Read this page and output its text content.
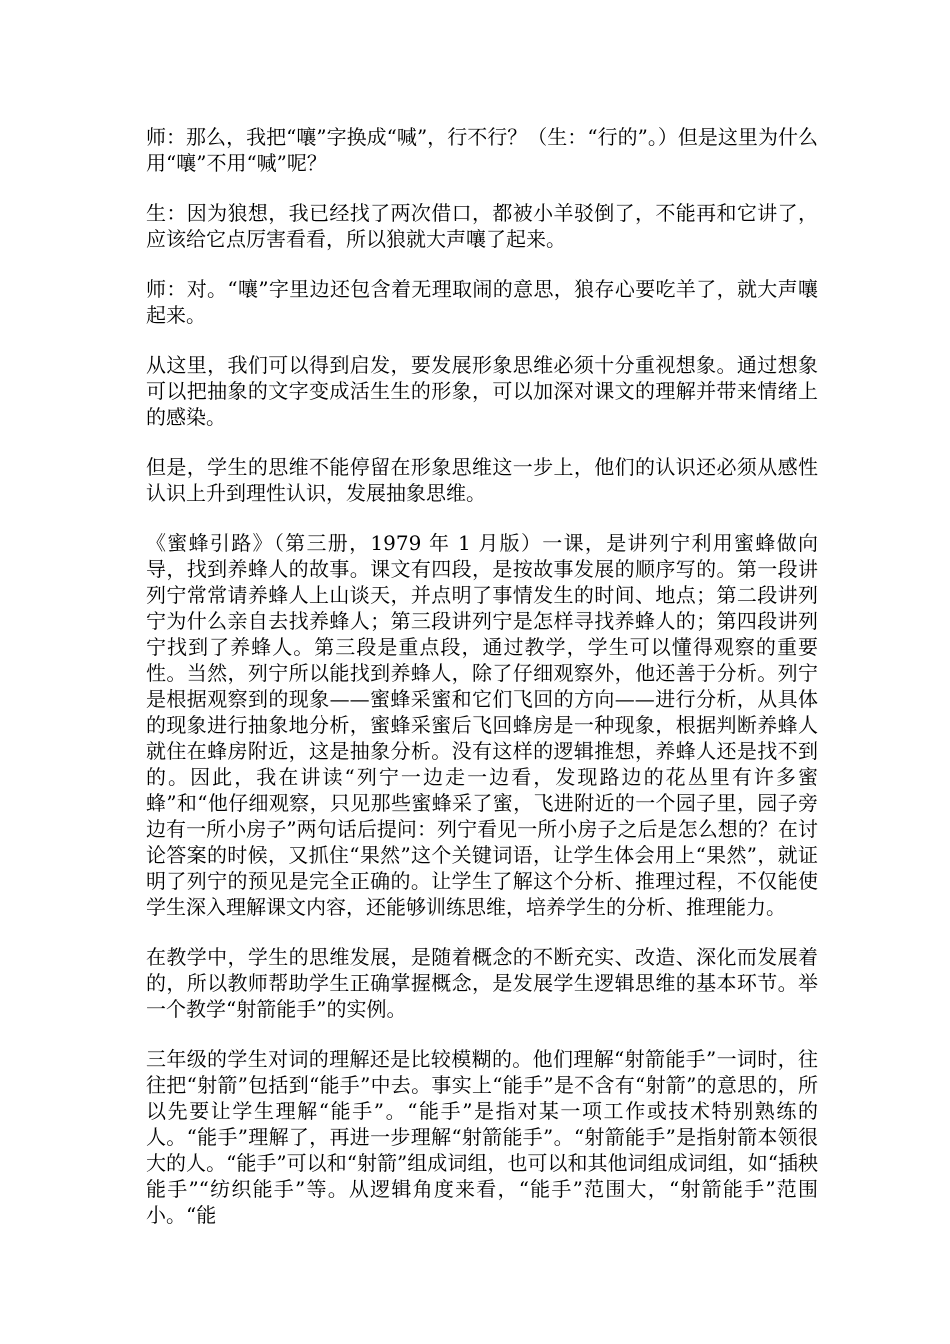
师：那么，我把“嚷”字换成“喊”，行不行？（生：“行的”。）但是这里为什么用“嚷”不用“喊”呢？

生：因为狼想，我已经找了两次借口，都被小羊驳倒了，不能再和它讲了，应该给它点厉害看看，所以狼就大声嚷了起来。

师：对。“嚷”字里边还包含着无理取闹的意思，狼存心要吃羊了，就大声嚷起来。

从这里，我们可以得到启发，要发展形象思维必须十分重视想象。通过想象可以把抽象的文字变成活生生的形象，可以加深对课文的理解并带来情绪上的感染。

但是，学生的思维不能停留在形象思维这一步上，他们的认识还必须从感性认识上升到理性认识，发展抽象思维。

《蜜蜂引路》（第三册，1979 年 1 月版）一课，是讲列宁利用蜜蜂做向导，找到养蜂人的故事。课文有四段，是按故事发展的顺序写的。第一段讲列宁常常请养蜂人上山谈天，并点明了事情发生的时间、地点；第二段讲列宁为什么亲自去找养蜂人；第三段讲列宁是怎样寻找养蜂人的；第四段讲列宁找到了养蜂人。第三段是重点段，通过教学，学生可以懂得观察的重要性。当然，列宁所以能找到养蜂人，除了仔细观察外，他还善于分析。列宁是根据观察到的现象——蜜蜂采蜜和它们飞回的方向——进行分析，从具体的现象进行抽象地分析，蜜蜂采蜜后飞回蜂房是一种现象，根据判断养蜂人就住在蜂房附近，这是抽象分析。没有这样的逻辑推想，养蜂人还是找不到的。因此，我在讲读“列宁一边走一边看，发现路边的花丛里有许多蜜蜂”和“他仔细观察，只见那些蜜蜂采了蜜，飞进附近的一个园子里，园子旁边有一所小房子”两句话后提问：列宁看见一所小房子之后是怎么想的？在讨论答案的时候，又抓住“果然”这个关键词语，让学生体会用上“果然”，就证明了列宁的预见是完全正确的。让学生了解这个分析、推理过程，不仅能使学生深入理解课文内容，还能够训练思维，培养学生的分析、推理能力。

在教学中，学生的思维发展，是随着概念的不断充实、改造、深化而发展着的，所以教师帮助学生正确掌握概念，是发展学生逻辑思维的基本环节。举一个教学“射箭能手”的实例。

三年级的学生对词的理解还是比较模糊的。他们理解“射箭能手”一词时，往往把“射箭”包括到“能手”中去。事实上“能手”是不含有“射箭”的意思的，所以先要让学生理解“能手”。“能手”是指对某一项工作或技术特别熟练的人。“能手”理解了，再进一步理解“射箭能手”。“射箭能手”是指射箭本领很大的人。“能手”可以和“射箭”组成词组，也可以和其他词组成词组，如“插秧能手”“纺织能手”等。从逻辑角度来看，“能手”范围大，“射箭能手”范围小。“能
